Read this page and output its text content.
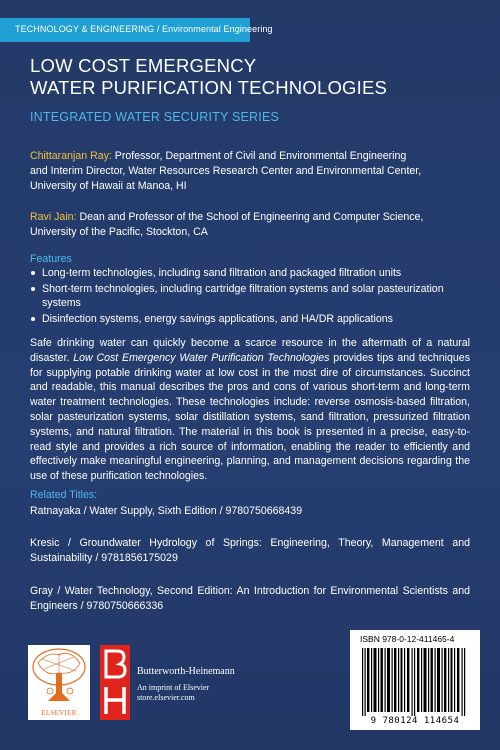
TECHNOLOGY & ENGINEERING / Environmental Engineering
LOW COST EMERGENCY
WATER PURIFICATION TECHNOLOGIES
INTEGRATED WATER SECURITY SERIES

Chittaranjan Ray: Professor, Department of Civil and Environmental Engineering
and Interim Director, Water Resources Research Center and Environmental Center,
University of Hawaii at Manoa, HI

Ravi Jain: Dean and Professor of the School of Engineering and Computer Science,
University of the Pacific, Stockton, CA

Features
Long-term technologies, including sand filtration and packaged filtration units
Short-term technologies, including cartridge filtration systems and solar pasteurization systems
Disinfection systems, energy savings applications, and HA/DR applications

Safe drinking water can quickly become a scarce resource in the aftermath of a natural disaster. Low Cost Emergency Water Purification Technologies provides tips and techniques for supplying potable drinking water at low cost in the most dire of circumstances. Succinct and readable, this manual describes the pros and cons of various short-term and long-term water treatment technologies. These technologies include: reverse osmosis-based filtration, solar pasteurization systems, solar distillation systems, sand filtration, pressurized filtration systems, and natural filtration. The material in this book is presented in a precise, easy-to-read style and provides a rich source of information, enabling the reader to efficiently and effectively make meaningful engineering, planning, and management decisions regarding the use of these purification technologies.

Related Titles:

Ratnayaka / Water Supply, Sixth Edition / 9780750668439

Kresic / Groundwater Hydrology of Springs: Engineering, Theory, Management and Sustainability / 9781856175029

Gray / Water Technology, Second Edition: An Introduction for Environmental Scientists and Engineers / 9780750666336

ELSEVIER
Butterworth-Heinemann
An imprint of Elsevier
store.elsevier.com
ISBN 978-0-12-411465-4
9 780124 114654
